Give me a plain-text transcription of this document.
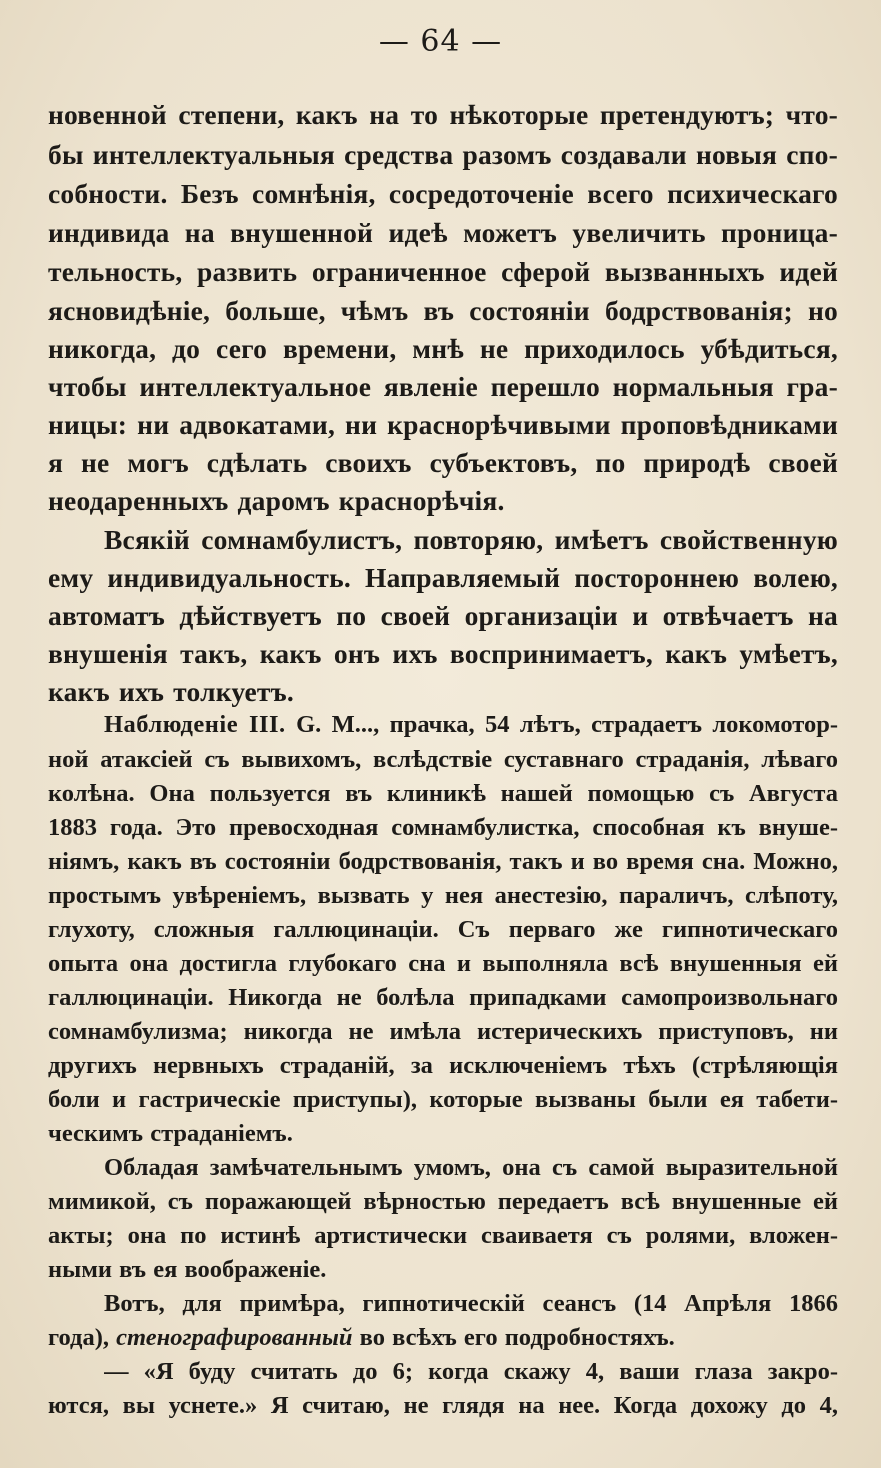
— 64 —
новенной степени, какъ на то нѣкоторые претендуютъ; что-
бы интеллектуальныя средства разомъ создавали новыя спо-
собности. Безъ сомнѣнія, сосредоточеніе всего психическаго
индивида на внушенной идеѣ можетъ увеличить проницa-
тельность, развить ограниченное сферой вызванныхъ идей
ясновидѣніе, больше, чѣмъ въ состояніи бодрствованія; но
никогда, до сего времени, мнѣ не приходилось убѣдиться,
чтобы интеллектуальное явленіе перешло нормальныя гра-
ницы: ни адвокатами, ни краснорѣчивыми проповѣдниками
я не могъ сдѣлать своихъ субъектовъ, по природѣ своей
неодаренныхъ даромъ краснорѣчія.
Всякій сомнамбулистъ, повторяю, имѣетъ свойственную
ему индивидуальность. Направляемый постороннею волею,
автоматъ дѣйствуетъ по своей организаціи и отвѣчаетъ на
внушенія такъ, какъ онъ ихъ воспринимаетъ, какъ умѣетъ,
какъ ихъ толкуетъ.
Наблюденіе III. G. M..., прачка, 54 лѣтъ, страдаетъ локомотор-
ной атаксіей съ вывихомъ, вслѣдствіе суставнаго страданія, лѣваго
колѣна. Она пользуется въ клиникѣ нашей помощью съ Августа
1883 года. Это превосходная сомнамбулистка, способная къ внуше-
ніямъ, какъ въ состояніи бодрствованія, такъ и во время сна. Можно,
простымъ увѣреніемъ, вызвать у нея анестезію, параличъ, слѣпоту,
глухоту, сложныя галлюцинаціи. Съ перваго же гипнотическаго
опыта она достигла глубокаго сна и выполняла всѣ внушенныя ей
галлюцинаціи. Никогда не болѣла припадками самопроизвольнаго
сомнамбулизма; никогда не имѣла истерическихъ приступовъ, ни
другихъ нервныхъ страданій, за исключеніемъ тѣхъ (стрѣляющія
боли и гастрическіе приступы), которые вызваны были ея табети-
ческимъ страданіемъ.
Обладая замѣчательнымъ умомъ, она съ самой выразительной
мимикой, съ поражающей вѣрностью передаетъ всѣ внушенные ей
акты; она по истинѣ артистически сваиваетя съ ролями, вложен-
ными въ ея воображеніе.
Вотъ, для примѣра, гипнотическій сеансъ (14 Апрѣля 1866
года), стенографированный во всѣхъ его подробностяхъ.
— «Я буду считать до 6; когда скажу 4, ваши глаза закро-
ются, вы уснете.» Я считаю, не глядя на нее. Когда дохожу до 4,
